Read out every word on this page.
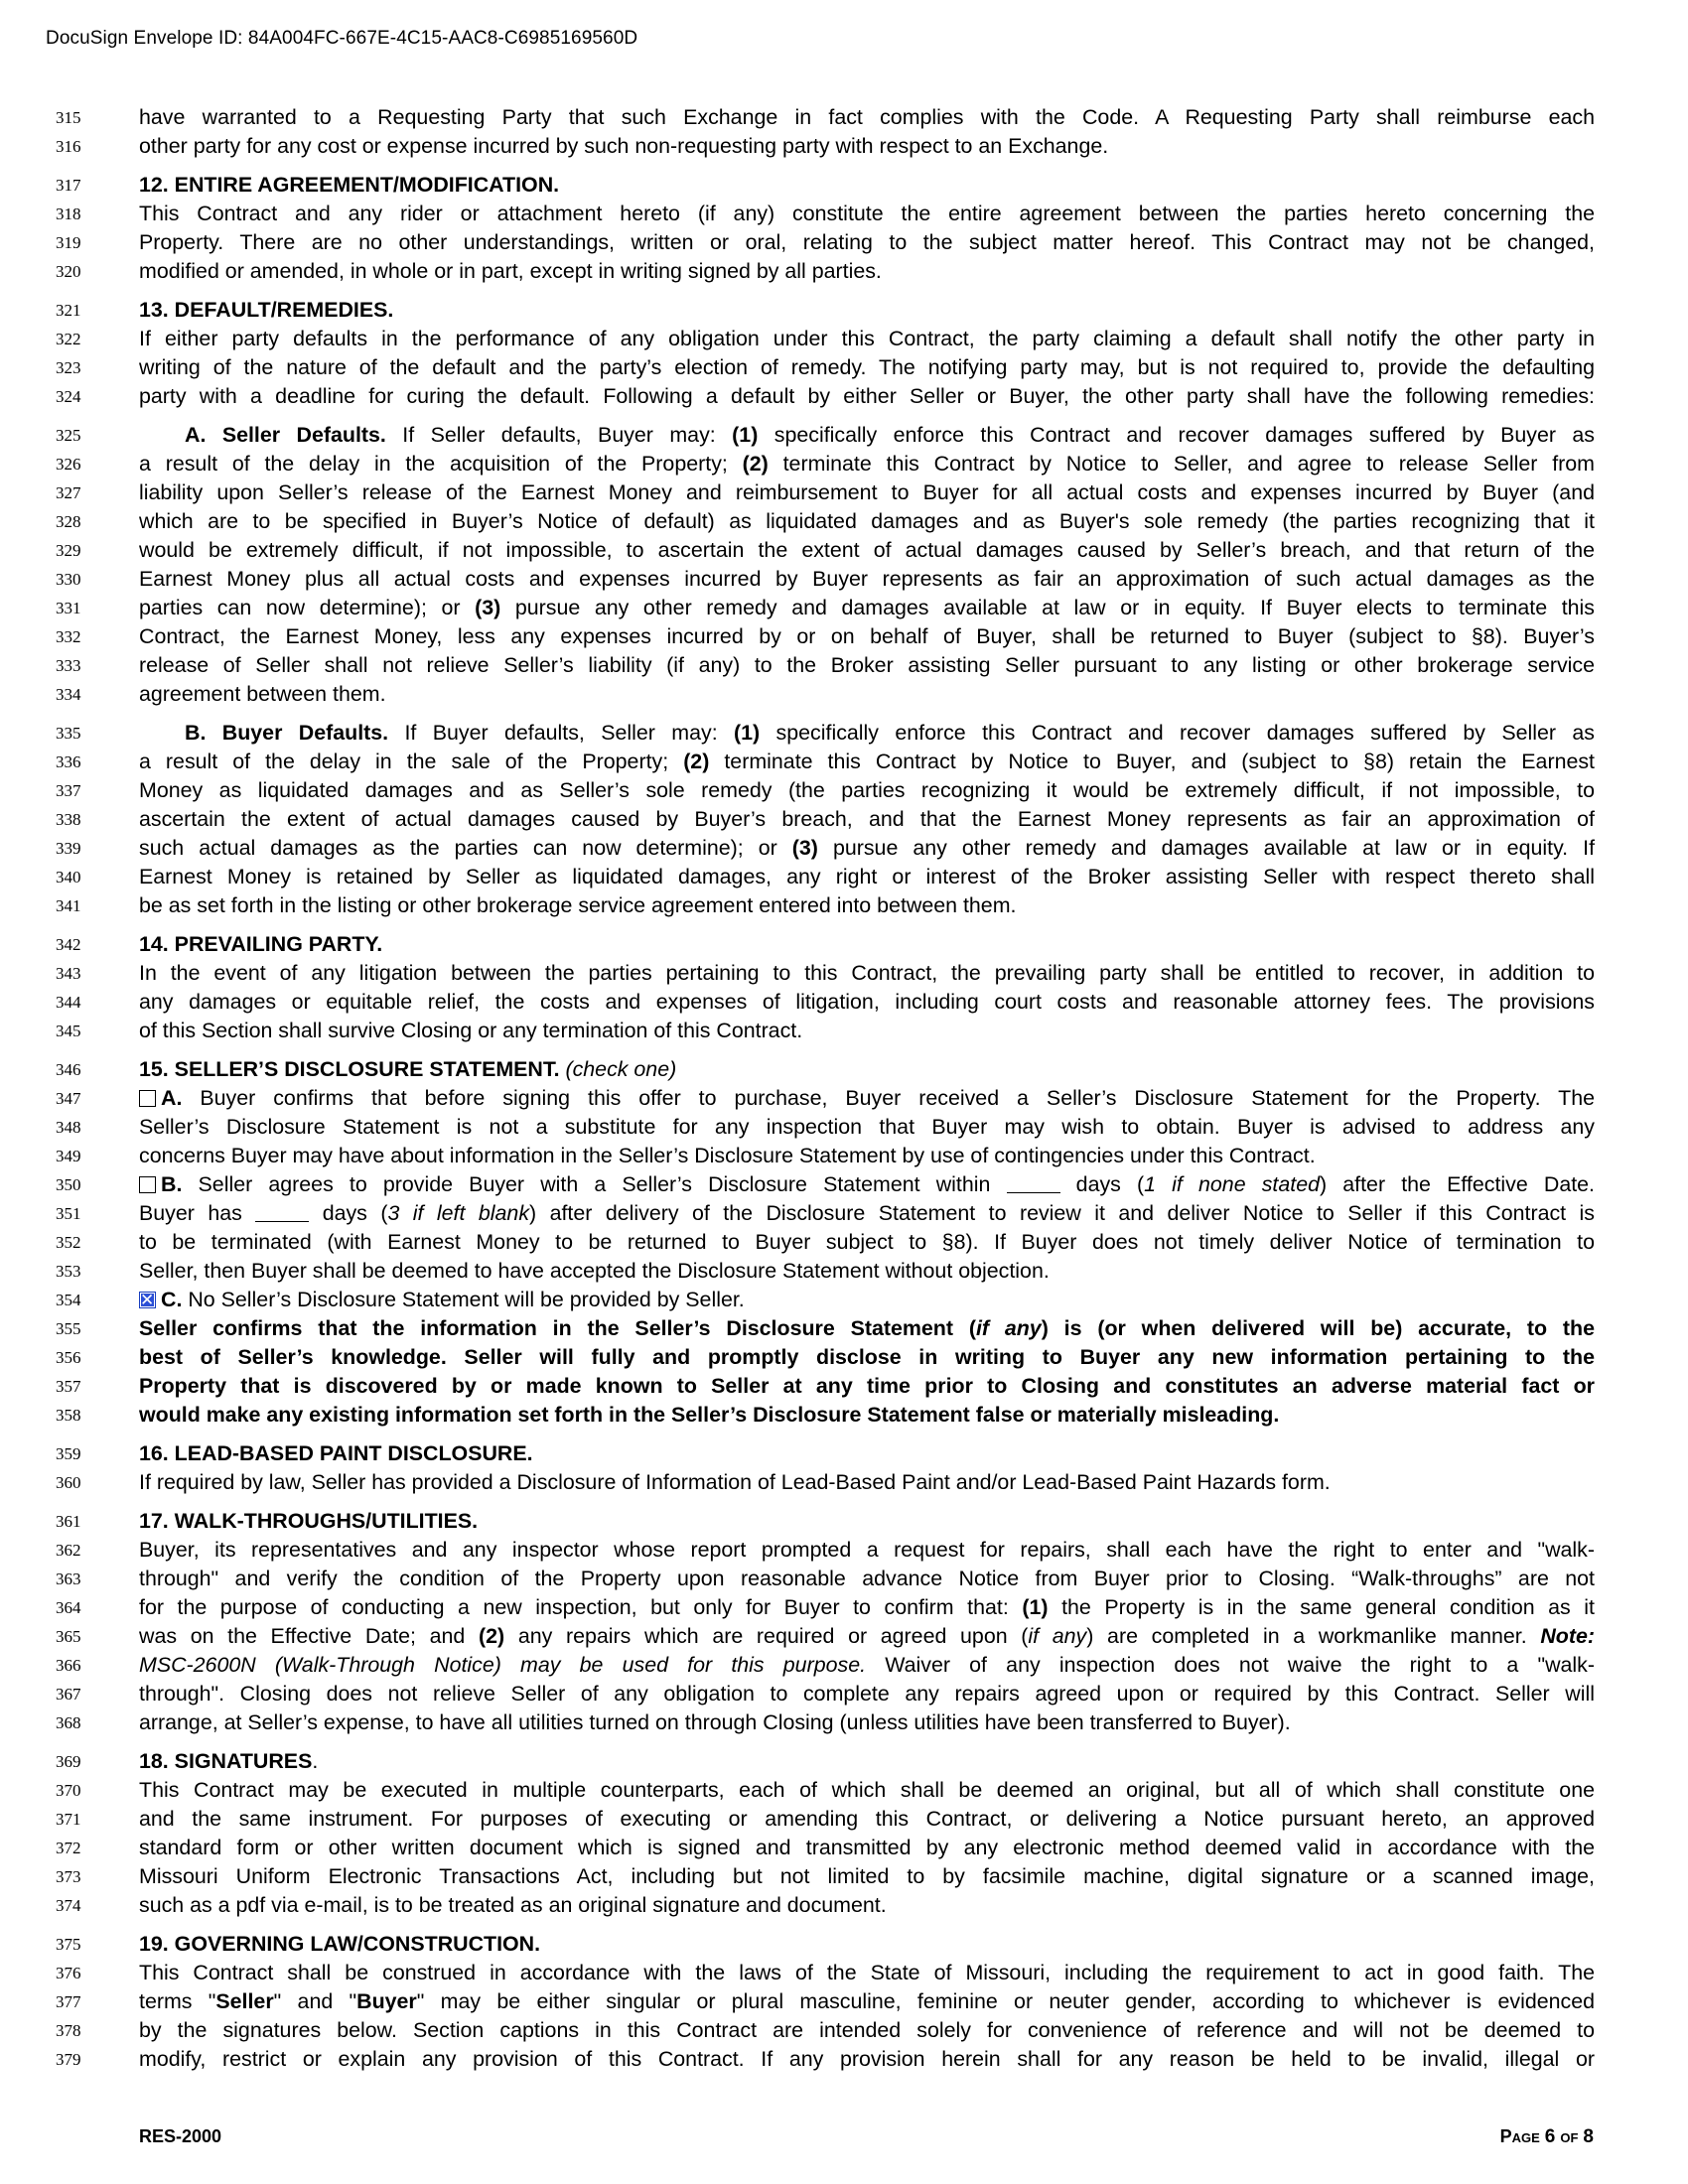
DocuSign Envelope ID: 84A004FC-667E-4C15-AAC8-C6985169560D
315	have warranted to a Requesting Party that such Exchange in fact complies with the Code. A Requesting Party shall reimburse each
316	other party for any cost or expense incurred by such non-requesting party with respect to an Exchange.
317	12. ENTIRE AGREEMENT/MODIFICATION.
318	This Contract and any rider or attachment hereto (if any) constitute the entire agreement between the parties hereto concerning the
319	Property. There are no other understandings, written or oral, relating to the subject matter hereof. This Contract may not be changed,
320	modified or amended, in whole or in part, except in writing signed by all parties.
321	13. DEFAULT/REMEDIES.
322	If either party defaults in the performance of any obligation under this Contract, the party claiming a default shall notify the other party in
323	writing of the nature of the default and the party’s election of remedy. The notifying party may, but is not required to, provide the defaulting
324	party with a deadline for curing the default. Following a default by either Seller or Buyer, the other party shall have the following remedies:
325	A. Seller Defaults. If Seller defaults, Buyer may: (1) specifically enforce this Contract and recover damages suffered by Buyer as
326	a result of the delay in the acquisition of the Property; (2) terminate this Contract by Notice to Seller, and agree to release Seller from
327	liability upon Seller’s release of the Earnest Money and reimbursement to Buyer for all actual costs and expenses incurred by Buyer (and
328	which are to be specified in Buyer’s Notice of default) as liquidated damages and as Buyer's sole remedy (the parties recognizing that it
329	would be extremely difficult, if not impossible, to ascertain the extent of actual damages caused by Seller’s breach, and that return of the
330	Earnest Money plus all actual costs and expenses incurred by Buyer represents as fair an approximation of such actual damages as the
331	parties can now determine); or (3) pursue any other remedy and damages available at law or in equity. If Buyer elects to terminate this
332	Contract, the Earnest Money, less any expenses incurred by or on behalf of Buyer, shall be returned to Buyer (subject to §8). Buyer’s
333	release of Seller shall not relieve Seller’s liability (if any) to the Broker assisting Seller pursuant to any listing or other brokerage service
334	agreement between them.
335	B. Buyer Defaults. If Buyer defaults, Seller may: (1) specifically enforce this Contract and recover damages suffered by Seller as
336	a result of the delay in the sale of the Property; (2) terminate this Contract by Notice to Buyer, and (subject to §8) retain the Earnest
337	Money as liquidated damages and as Seller’s sole remedy (the parties recognizing it would be extremely difficult, if not impossible, to
338	ascertain the extent of actual damages caused by Buyer’s breach, and that the Earnest Money represents as fair an approximation of
339	such actual damages as the parties can now determine); or (3) pursue any other remedy and damages available at law or in equity. If
340	Earnest Money is retained by Seller as liquidated damages, any right or interest of the Broker assisting Seller with respect thereto shall
341	be as set forth in the listing or other brokerage service agreement entered into between them.
342	14. PREVAILING PARTY.
343	In the event of any litigation between the parties pertaining to this Contract, the prevailing party shall be entitled to recover, in addition to
344	any damages or equitable relief, the costs and expenses of litigation, including court costs and reasonable attorney fees. The provisions
345	of this Section shall survive Closing or any termination of this Contract.
346	15. SELLER’S DISCLOSURE STATEMENT. (check one)
347	A. Buyer confirms that before signing this offer to purchase, Buyer received a Seller’s Disclosure Statement for the Property. The
348	Seller’s Disclosure Statement is not a substitute for any inspection that Buyer may wish to obtain. Buyer is advised to address any
349	concerns Buyer may have about information in the Seller’s Disclosure Statement by use of contingencies under this Contract.
350	B. Seller agrees to provide Buyer with a Seller’s Disclosure Statement within	days (1 if none stated) after the Effective Date.
351	Buyer has	days (3 if left blank) after delivery of the Disclosure Statement to review it and deliver Notice to Seller if this Contract is
352	to be terminated (with Earnest Money to be returned to Buyer subject to §8). If Buyer does not timely deliver Notice of termination to
353	Seller, then Buyer shall be deemed to have accepted the Disclosure Statement without objection.
354 ✕	C. No Seller’s Disclosure Statement will be provided by Seller.
355	Seller confirms that the information in the Seller’s Disclosure Statement (if any) is (or when delivered will be) accurate, to the
356	best of Seller’s knowledge. Seller will fully and promptly disclose in writing to Buyer any new information pertaining to the
357	Property that is discovered by or made known to Seller at any time prior to Closing and constitutes an adverse material fact or
358	would make any existing information set forth in the Seller’s Disclosure Statement false or materially misleading.
359	16. LEAD-BASED PAINT DISCLOSURE.
360	If required by law, Seller has provided a Disclosure of Information of Lead-Based Paint and/or Lead-Based Paint Hazards form.
361	17. WALK-THROUGHS/UTILITIES.
362	Buyer, its representatives and any inspector whose report prompted a request for repairs, shall each have the right to enter and "walk-
363	through" and verify the condition of the Property upon reasonable advance Notice from Buyer prior to Closing. “Walk-throughs” are not
364	for the purpose of conducting a new inspection, but only for Buyer to confirm that: (1) the Property is in the same general condition as it
365	was on the Effective Date; and (2) any repairs which are required or agreed upon (if any) are completed in a workmanlike manner. Note:
366	MSC-2600N (Walk-Through Notice) may be used for this purpose. Waiver of any inspection does not waive the right to a "walk-
367	through". Closing does not relieve Seller of any obligation to complete any repairs agreed upon or required by this Contract. Seller will
368	arrange, at Seller’s expense, to have all utilities turned on through Closing (unless utilities have been transferred to Buyer).
369	18. SIGNATURES.
370	This Contract may be executed in multiple counterparts, each of which shall be deemed an original, but all of which shall constitute one
371	and the same instrument. For purposes of executing or amending this Contract, or delivering a Notice pursuant hereto, an approved
372	standard form or other written document which is signed and transmitted by any electronic method deemed valid in accordance with the
373	Missouri Uniform Electronic Transactions Act, including but not limited to by facsimile machine, digital signature or a scanned image,
374	such as a pdf via e-mail, is to be treated as an original signature and document.
375	19. GOVERNING LAW/CONSTRUCTION.
376	This Contract shall be construed in accordance with the laws of the State of Missouri, including the requirement to act in good faith. The
377	terms "Seller" and "Buyer" may be either singular or plural masculine, feminine or neuter gender, according to whichever is evidenced
378	by the signatures below. Section captions in this Contract are intended solely for convenience of reference and will not be deemed to
379	modify, restrict or explain any provision of this Contract. If any provision herein shall for any reason be held to be invalid, illegal or
RES-2000	Page 6 of 8
